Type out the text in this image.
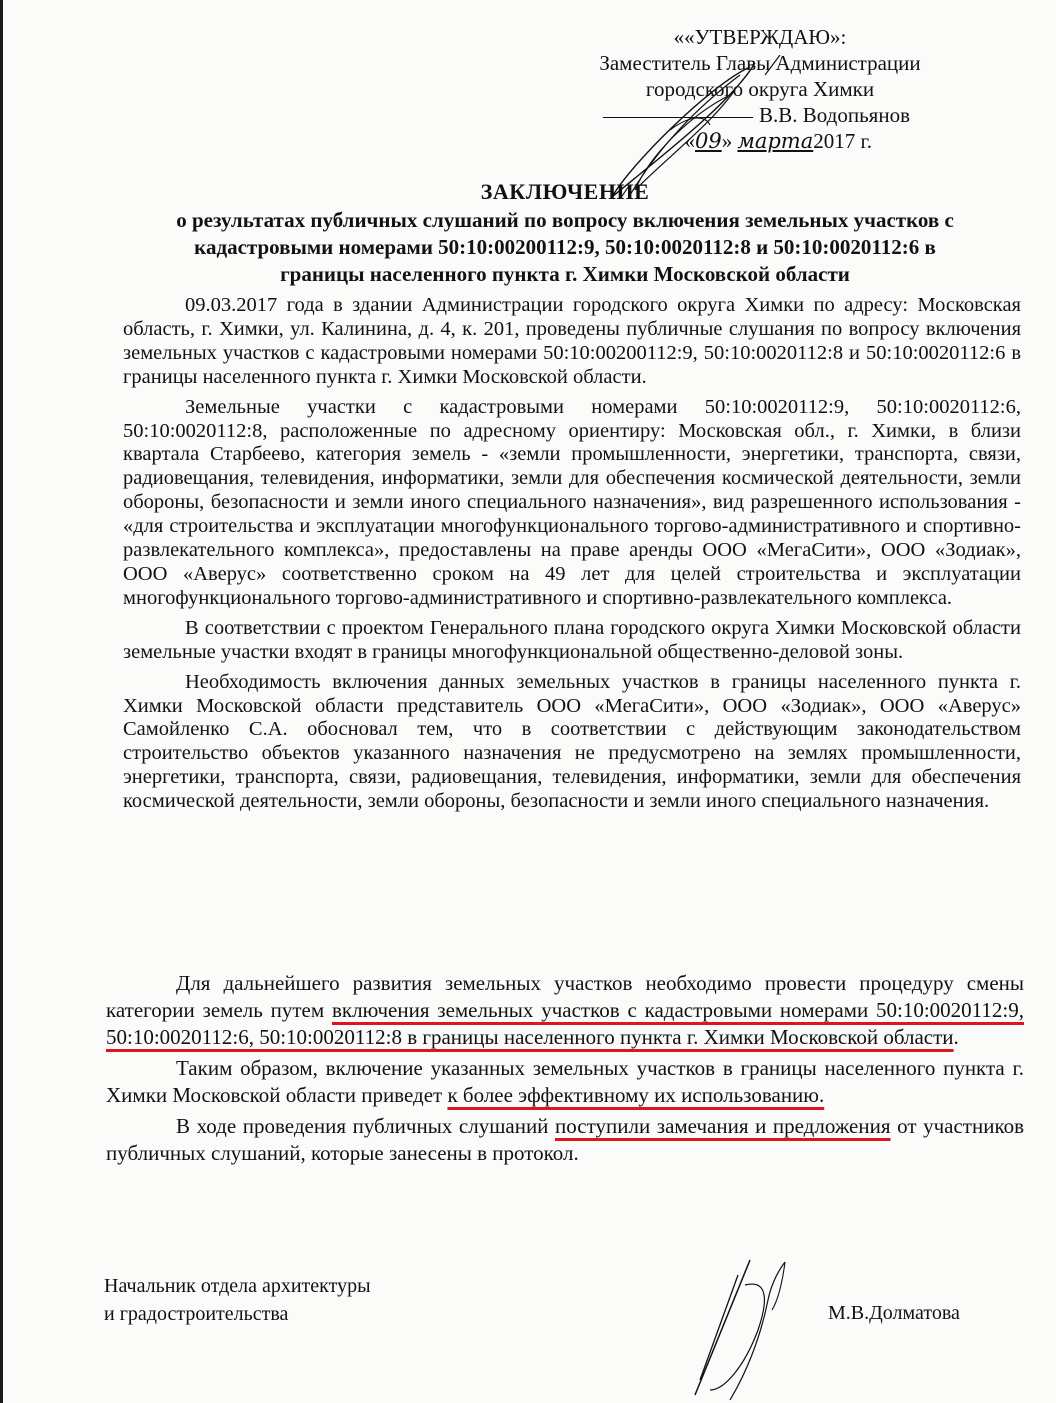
««УТВЕРЖДАЮ»:
Заместитель Главы Администрации
городского округа Химки
В.В. Водопьянов
«09» марта2017 г.
ЗАКЛЮЧЕНИЕ
о результатах публичных слушаний по вопросу включения земельных участков с
кадастровыми номерами 50:10:00200112:9, 50:10:0020112:8 и 50:10:0020112:6 в
границы населенного пункта г. Химки Московской области

09.03.2017 года в здании Администрации городского округа Химки по адресу: Московская область, г. Химки, ул. Калинина, д. 4, к. 201, проведены публичные слушания по вопросу включения земельных участков с кадастровыми номерами 50:10:00200112:9, 50:10:0020112:8 и 50:10:0020112:6 в границы населенного пункта г. Химки Московской области.

Земельные участки с кадастровыми номерами 50:10:0020112:9, 50:10:0020112:6, 50:10:0020112:8, расположенные по адресному ориентиру: Московская обл., г. Химки, в близи квартала Старбеево, категория земель - «земли промышленности, энергетики, транспорта, связи, радиовещания, телевидения, информатики, земли для обеспечения космической деятельности, земли обороны, безопасности и земли иного специального назначения», вид разрешенного использования - «для строительства и эксплуатации многофункционального торгово-административного и спортивно-развлекательного комплекса», предоставлены на праве аренды ООО «МегаСити», ООО «Зодиак», ООО «Аверус» соответственно сроком на 49 лет для целей строительства и эксплуатации многофункционального торгово-административного и спортивно-развлекательного комплекса.

В соответствии с проектом Генерального плана городского округа Химки Московской области земельные участки входят в границы многофункциональной общественно-деловой зоны.

Необходимость включения данных земельных участков в границы населенного пункта г. Химки Московской области представитель ООО «МегаСити», ООО «Зодиак», ООО «Аверус» Самойленко С.А. обосновал тем, что в соответствии с действующим законодательством строительство объектов указанного назначения не предусмотрено на землях промышленности, энергетики, транспорта, связи, радиовещания, телевидения, информатики, земли для обеспечения космической деятельности, земли обороны, безопасности и земли иного специального назначения.

Для дальнейшего развития земельных участков необходимо провести процедуру смены категории земель путем включения земельных участков с кадастровыми номерами 50:10:0020112:9, 50:10:0020112:6, 50:10:0020112:8 в границы населенного пункта г. Химки Московской области.

Таким образом, включение указанных земельных участков в границы населенного пункта г. Химки Московской области приведет к более эффективному их использованию.

В ходе проведения публичных слушаний поступили замечания и предложения от участников публичных слушаний, которые занесены в протокол.

Начальник отдела архитектуры
и градостроительства	М.В.Долматова
